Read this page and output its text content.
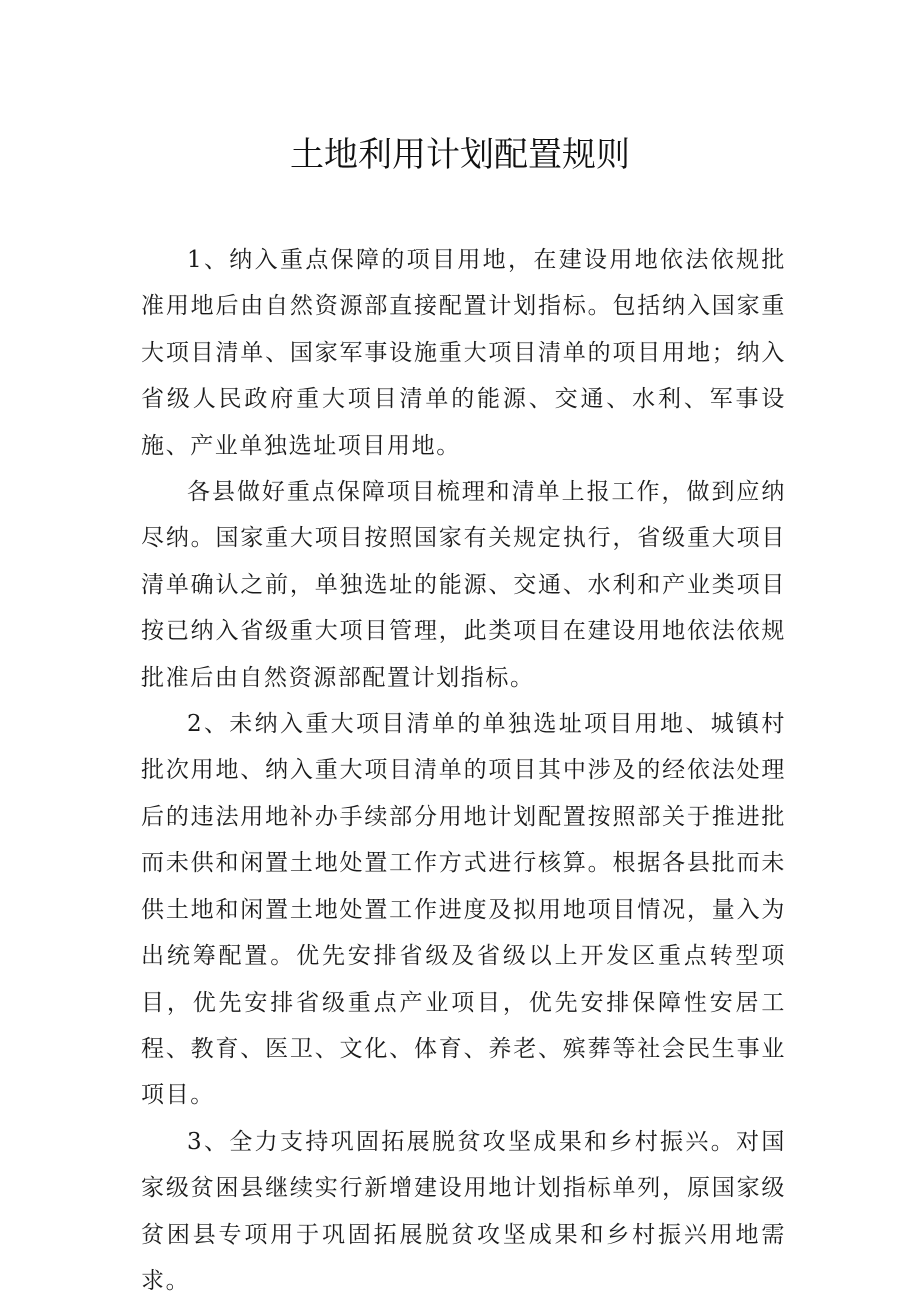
土地利用计划配置规则

1、纳入重点保障的项目用地，在建设用地依法依规批准用地后由自然资源部直接配置计划指标。包括纳入国家重大项目清单、国家军事设施重大项目清单的项目用地；纳入省级人民政府重大项目清单的能源、交通、水利、军事设施、产业单独选址项目用地。

各县做好重点保障项目梳理和清单上报工作，做到应纳尽纳。国家重大项目按照国家有关规定执行，省级重大项目清单确认之前，单独选址的能源、交通、水利和产业类项目按已纳入省级重大项目管理，此类项目在建设用地依法依规批准后由自然资源部配置计划指标。

2、未纳入重大项目清单的单独选址项目用地、城镇村批次用地、纳入重大项目清单的项目其中涉及的经依法处理后的违法用地补办手续部分用地计划配置按照部关于推进批而未供和闲置土地处置工作方式进行核算。根据各县批而未供土地和闲置土地处置工作进度及拟用地项目情况，量入为出统筹配置。优先安排省级及省级以上开发区重点转型项目，优先安排省级重点产业项目，优先安排保障性安居工程、教育、医卫、文化、体育、养老、殡葬等社会民生事业项目。

3、全力支持巩固拓展脱贫攻坚成果和乡村振兴。对国家级贫困县继续实行新增建设用地计划指标单列，原国家级贫困县专项用于巩固拓展脱贫攻坚成果和乡村振兴用地需求。
